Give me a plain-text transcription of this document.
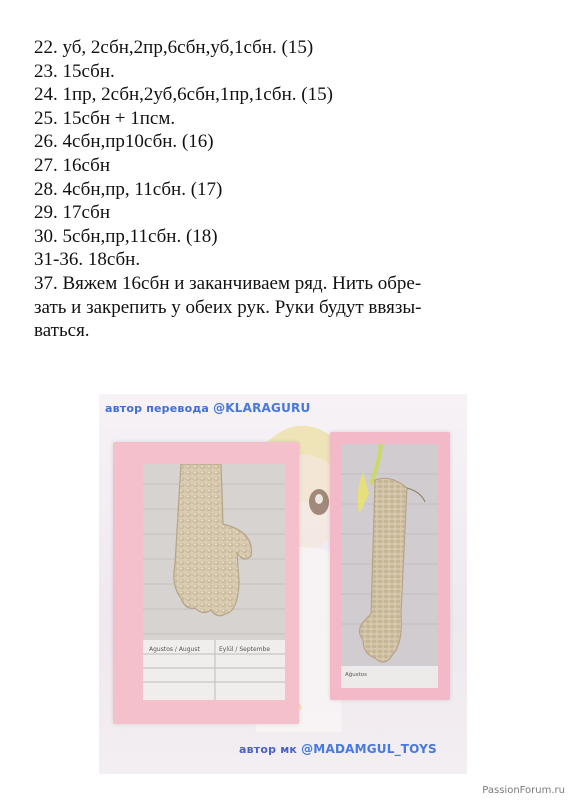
22. уб, 2сбн,2пр,6сбн,уб,1сбн. (15)
23. 15сбн.
24. 1пр, 2сбн,2уб,6сбн,1пр,1сбн. (15)
25. 15сбн + 1псм.
26. 4сбн,пр10сбн. (16)
27. 16сбн
28. 4сбн,пр, 11сбн. (17)
29. 17сбн
30. 5сбн,пр,11сбн. (18)
31-36. 18сбн.
37. Вяжем 16сбн и заканчиваем ряд. Нить обре-
зать и закрепить у обеих рук. Руки будут ввязы-
ваться.
автор перевода @KLARAGURU
Agustos / August	Eylül / Septembe
Ağustos
автор мк @MADAMGUL_TOYS
PassionForum.ru
